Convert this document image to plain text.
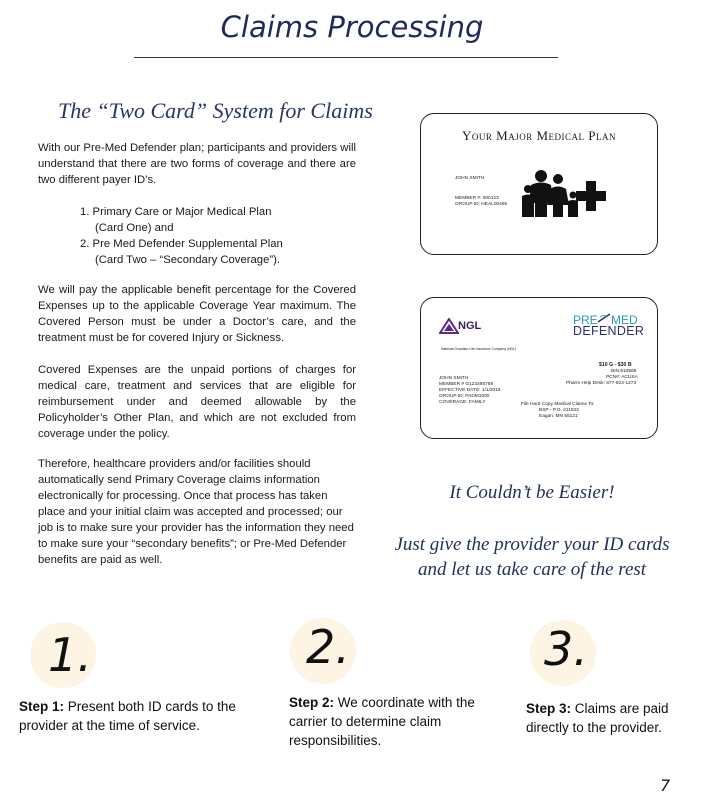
Claims Processing
The “Two Card” System for Claims
With our Pre-Med Defender plan; participants and providers will understand that there are two forms of coverage and there are two different payer ID’s.
1. Primary Care or Major Medical Plan
(Card One) and
2. Pre Med Defender Supplemental Plan
(Card Two – “Secondary Coverage”).
We will pay the applicable benefit percentage for the Covered Expenses up to the applicable Coverage Year maximum. The Covered Person must be under a Doctor’s care, and the treatment must be for covered Injury or Sickness.
Covered Expenses are the unpaid portions of charges for medical care, treatment and services that are eligible for reimbursement under and deemed allowable by the Policyholder’s Other Plan, and which are not excluded from coverage under the policy.
Therefore, healthcare providers and/or facilities should automatically send Primary Coverage claims information electronically for processing. Once that process has taken place and your initial claim was accepted and processed; our job is to make sure your provider has the information they need to make sure your “secondary benefits”; or Pre-Med Defender benefits are paid as well.
Your Major Medical Plan
JOHN SMITH
MEMBER #: 000123
GROUP ID: HEAL00456
NGL
National Guardian Life Insurance Company (NGL)
PRE MED
DEFENDER
$10 G - $30 B
BIN:610568
PCN#: ACUSA
Pharm Help Desk: 877-823-1273
JOHN SMITH
MEMBER # G123456789
EFFECTIVE DATE: 1/1/2016
GROUP ID: PADM1000
COVERAGE: FAMILY	File Hard Copy Medical Claims To:
BSP - P.O. 211033
Eagan, MN 55121
It Couldn’t be Easier!
Just give the provider your ID cards
and let us take care of the rest
1.
Step 1: Present both ID cards to the provider at the time of service.
2.
Step 2: We coordinate with the carrier to determine claim responsibilities.
3.
Step 3: Claims are paid directly to the provider.
7
